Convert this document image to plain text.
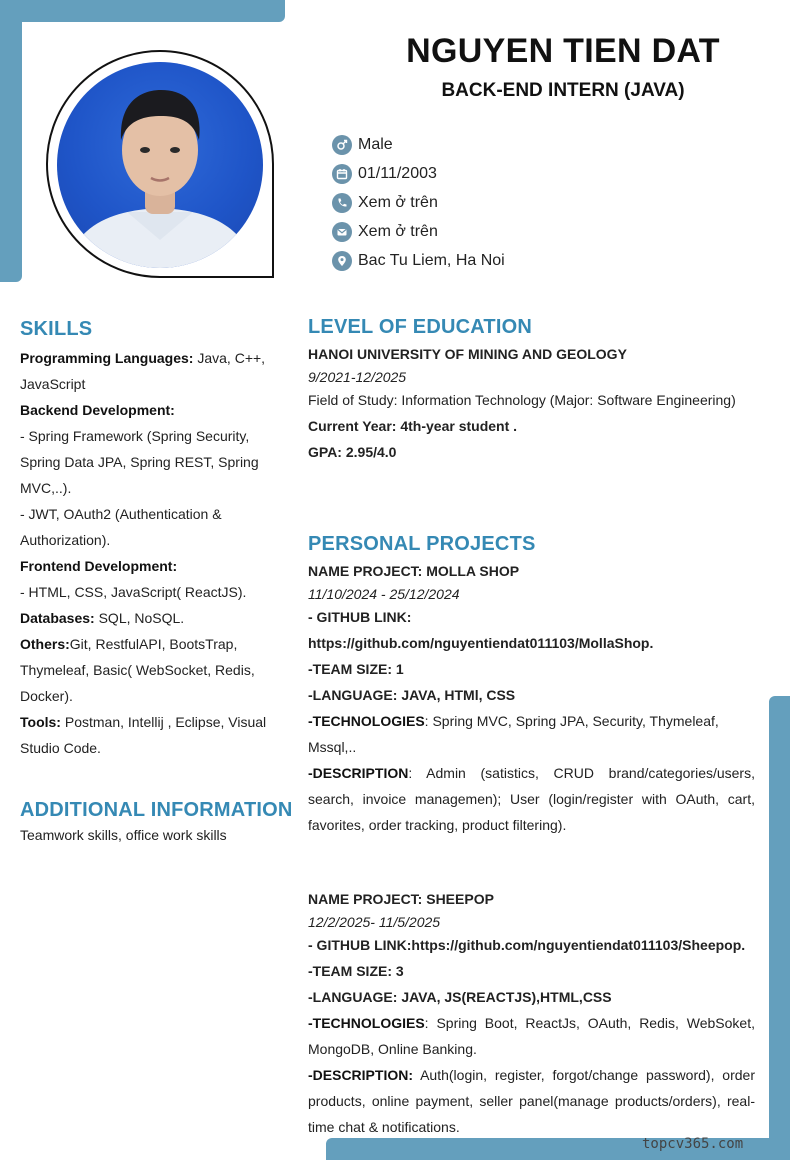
NGUYEN TIEN DAT
BACK-END INTERN (JAVA)
Male
01/11/2003
Xem ở trên
Xem ở trên
Bac Tu Liem, Ha Noi
SKILLS
Programming Languages: Java, C++, JavaScript
Backend Development:
- Spring Framework (Spring Security, Spring Data JPA, Spring REST, Spring MVC,..).
- JWT, OAuth2 (Authentication & Authorization).
Frontend Development:
- HTML, CSS, JavaScript( ReactJS).
Databases: SQL, NoSQL.
Others:Git, RestfulAPI, BootsTrap, Thymeleaf, Basic( WebSocket, Redis, Docker).
Tools: Postman, Intellij , Eclipse, Visual Studio Code.
ADDITIONAL INFORMATION
Teamwork skills, office work skills
LEVEL OF EDUCATION
HANOI UNIVERSITY OF MINING AND GEOLOGY
9/2021-12/2025
Field of Study: Information Technology (Major: Software Engineering)
Current Year: 4th-year student .
GPA: 2.95/4.0
PERSONAL PROJECTS
NAME PROJECT: MOLLA SHOP
11/10/2024 - 25/12/2024
- GITHUB LINK: https://github.com/nguyentiendat011103/MollaShop.
-TEAM SIZE: 1
-LANGUAGE: JAVA, HTMl, CSS
-TECHNOLOGIES: Spring MVC, Spring JPA, Security, Thymeleaf, Mssql,..
-DESCRIPTION: Admin (satistics, CRUD brand/categories/users, search, invoice managemen); User (login/register with OAuth, cart, favorites, order tracking, product filtering).
NAME PROJECT: SHEEPOP
12/2/2025- 11/5/2025
- GITHUB LINK:https://github.com/nguyentiendat011103/Sheepop.
-TEAM SIZE: 3
-LANGUAGE: JAVA, JS(REACTJS),HTML,CSS
-TECHNOLOGIES: Spring Boot, ReactJs, OAuth, Redis, WebSoket, MongoDB, Online Banking.
-DESCRIPTION: Auth(login, register, forgot/change password), order products, online payment, seller panel(manage products/orders), real-time chat & notifications.
topcv365.com
